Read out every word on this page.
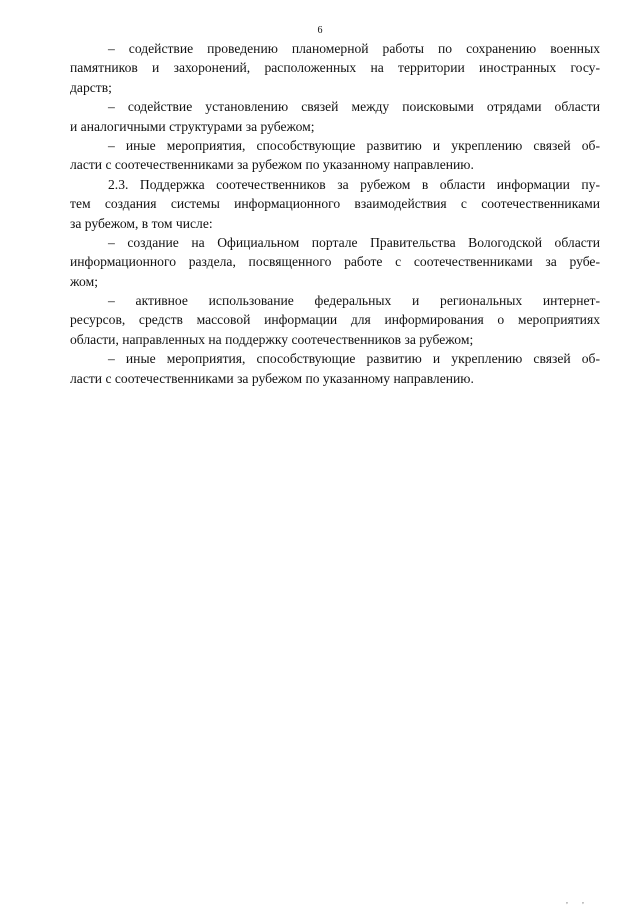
6
– содействие проведению планомерной работы по сохранению военных
памятников и захоронений, расположенных на территории иностранных госу-
дарств;
– содействие установлению связей между поисковыми отрядами области
и аналогичными структурами за рубежом;
– иные мероприятия, способствующие развитию и укреплению связей об-
ласти с соотечественниками за рубежом по указанному направлению.
2.3. Поддержка соотечественников за рубежом в области информации пу-
тем создания системы информационного взаимодействия с соотечественниками
за рубежом, в том числе:
– создание на Официальном портале Правительства Вологодской области
информационного раздела, посвященного работе с соотечественниками за рубе-
жом;
– активное использование федеральных и региональных интернет-
ресурсов, средств массовой информации для информирования о мероприятиях
области, направленных на поддержку соотечественников за рубежом;
– иные мероприятия, способствующие развитию и укреплению связей об-
ласти с соотечественниками за рубежом по указанному направлению.
, ,
